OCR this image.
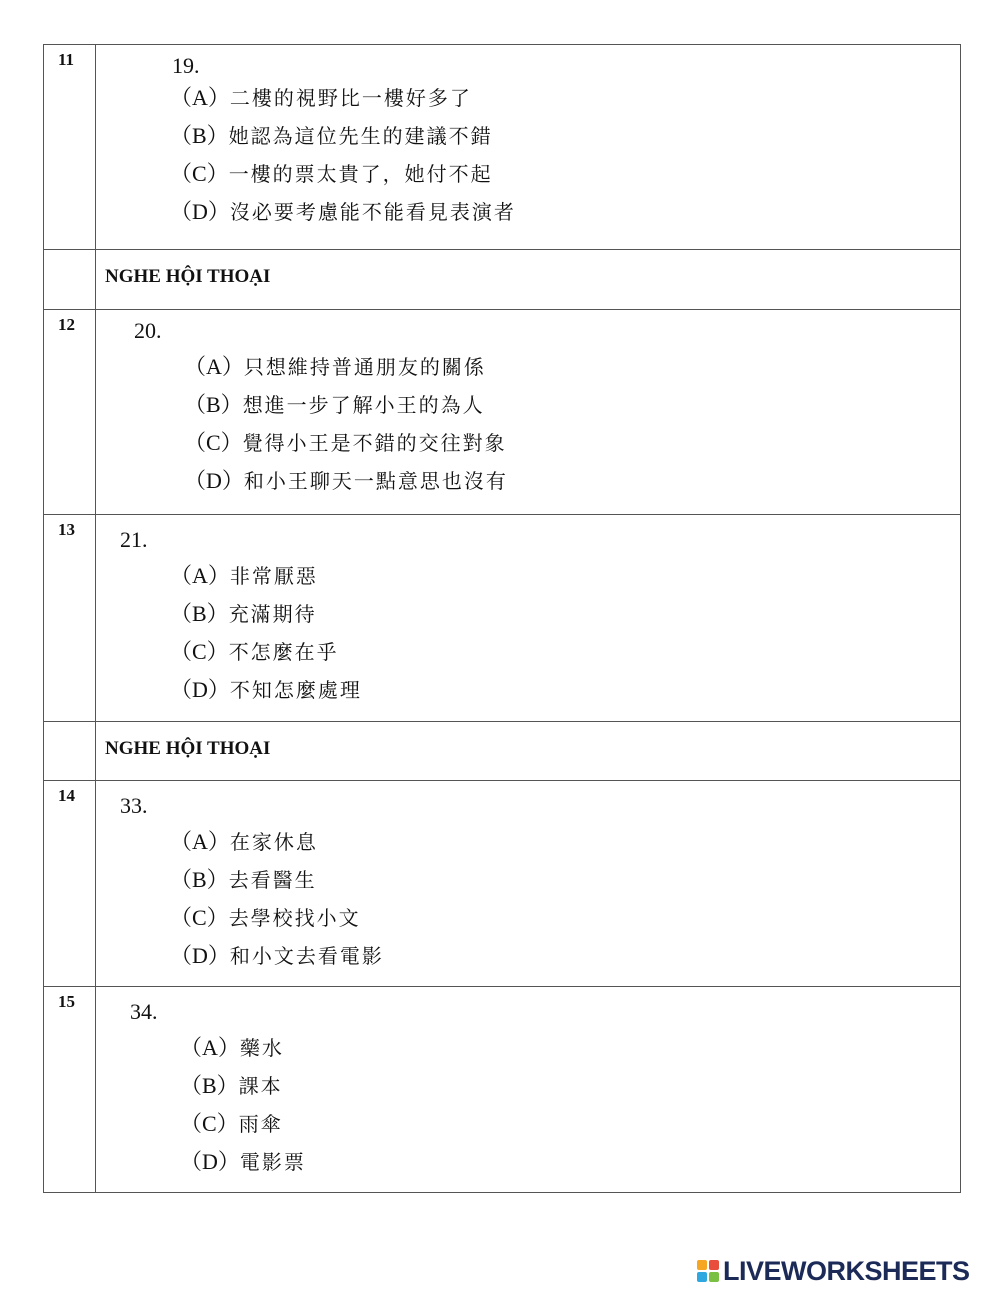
11	19.
（A）二樓的視野比一樓好多了
（B）她認為這位先生的建議不錯
（C）一樓的票太貴了，她付不起
（D）沒必要考慮能不能看見表演者

	NGHE HỘI THOẠI
12	20.
（A）只想維持普通朋友的關係
（B）想進一步了解小王的為人
（C）覺得小王是不錯的交往對象
（D）和小王聊天一點意思也沒有

13	21.
（A）非常厭惡
（B）充滿期待
（C）不怎麼在乎
（D）不知怎麼處理

	NGHE HỘI THOẠI
14	33.
（A）在家休息
（B）去看醫生
（C）去學校找小文
（D）和小文去看電影

15	34.
（A）藥水
（B）課本
（C）雨傘
（D）電影票
LIVEWORKSHEETS
